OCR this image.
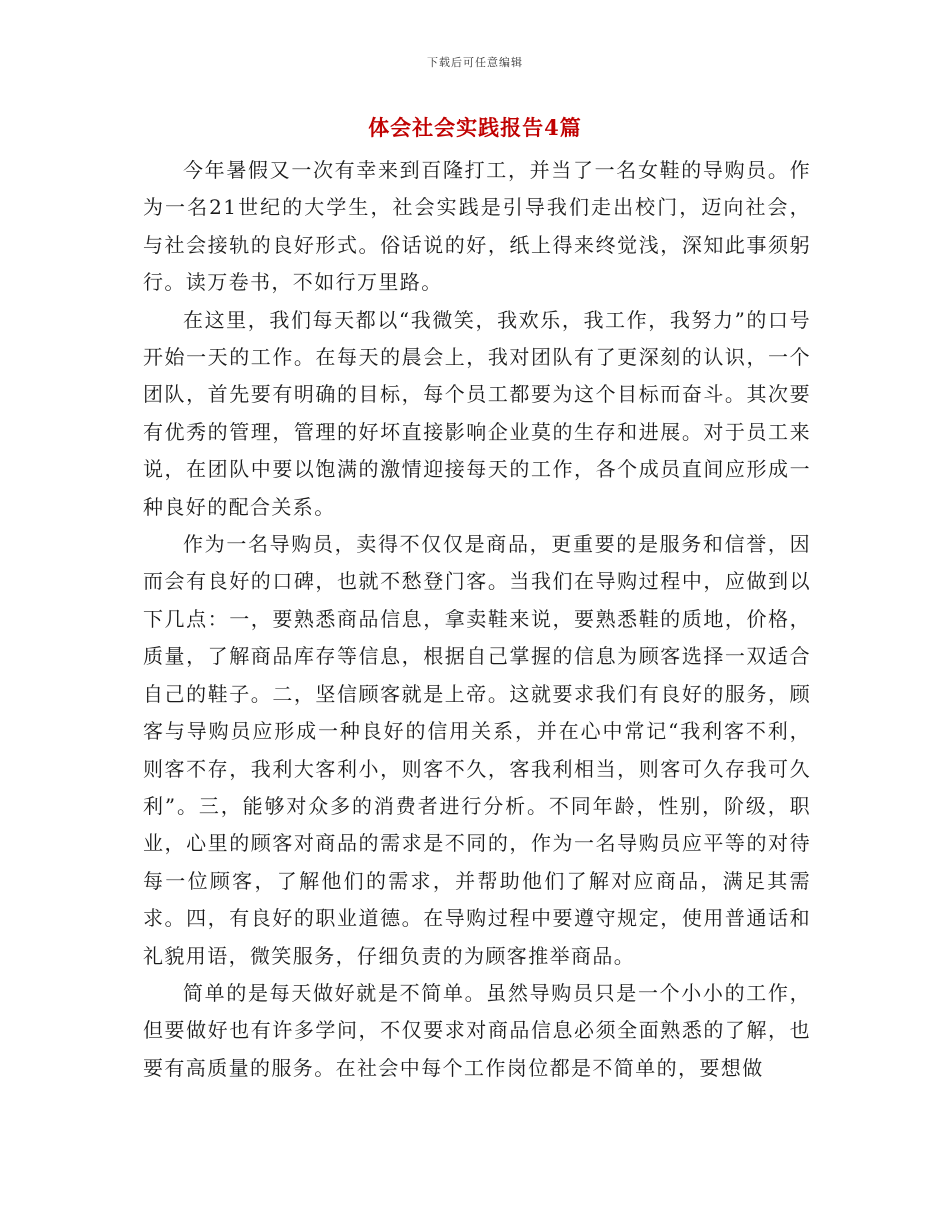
下载后可任意编辑
体会社会实践报告4篇

今年暑假又一次有幸来到百隆打工，并当了一名女鞋的导购员。作为一名21世纪的大学生，社会实践是引导我们走出校门，迈向社会，与社会接轨的良好形式。俗话说的好，纸上得来终觉浅，深知此事须躬行。读万卷书，不如行万里路。

在这里，我们每天都以“我微笑，我欢乐，我工作，我努力”的口号开始一天的工作。在每天的晨会上，我对团队有了更深刻的认识，一个团队，首先要有明确的目标，每个员工都要为这个目标而奋斗。其次要有优秀的管理，管理的好坏直接影响企业莫的生存和进展。对于员工来说，在团队中要以饱满的激情迎接每天的工作，各个成员直间应形成一种良好的配合关系。

作为一名导购员，卖得不仅仅是商品，更重要的是服务和信誉，因而会有良好的口碑，也就不愁登门客。当我们在导购过程中，应做到以下几点：一，要熟悉商品信息，拿卖鞋来说，要熟悉鞋的质地，价格，质量，了解商品库存等信息，根据自己掌握的信息为顾客选择一双适合自己的鞋子。二，坚信顾客就是上帝。这就要求我们有良好的服务，顾客与导购员应形成一种良好的信用关系，并在心中常记“我利客不利，则客不存，我利大客利小，则客不久，客我利相当，则客可久存我可久利”。三，能够对众多的消费者进行分析。不同年龄，性别，阶级，职业，心里的顾客对商品的需求是不同的，作为一名导购员应平等的对待每一位顾客，了解他们的需求，并帮助他们了解对应商品，满足其需求。四，有良好的职业道德。在导购过程中要遵守规定，使用普通话和礼貌用语，微笑服务，仔细负责的为顾客推举商品。

简单的是每天做好就是不简单。虽然导购员只是一个小小的工作，但要做好也有许多学问，不仅要求对商品信息必须全面熟悉的了解，也要有高质量的服务。在社会中每个工作岗位都是不简单的，要想做
